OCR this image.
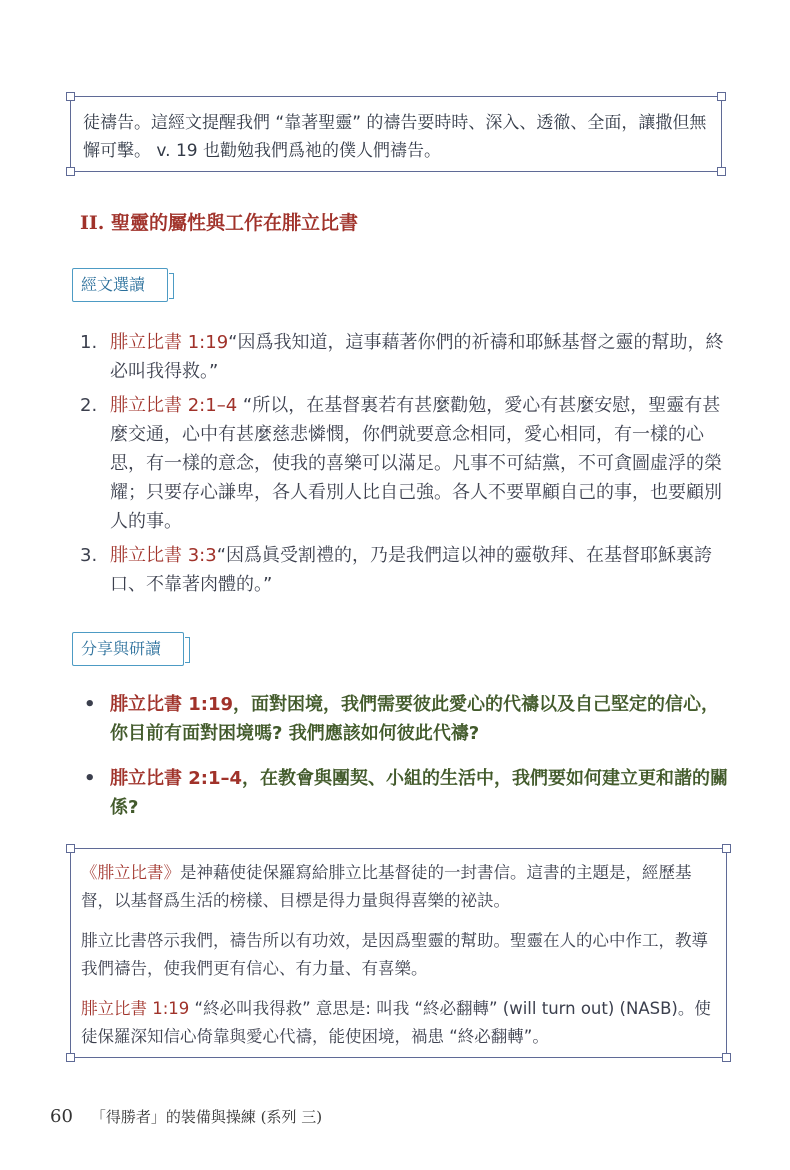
徒禱告。這經文提醒我們 “靠著聖靈” 的禱告要時時、深入、透徹、全面，讓撒但無懈可擊。 v. 19 也勸勉我們爲祂的僕人們禱告。

II. 聖靈的屬性與工作在腓立比書
經文選讀
1. 腓立比書 1:19“因爲我知道，這事藉著你們的祈禱和耶穌基督之靈的幫助，終必叫我得救。”
2. 腓立比書 2:1–4 “所以，在基督裏若有甚麼勸勉，愛心有甚麼安慰，聖靈有甚麼交通，心中有甚麼慈悲憐憫，你們就要意念相同，愛心相同，有一樣的心思，有一樣的意念，使我的喜樂可以滿足。凡事不可結黨，不可貪圖虛浮的榮耀；只要存心謙卑，各人看別人比自己強。各人不要單顧自己的事，也要顧別人的事。
3. 腓立比書 3:3“因爲眞受割禮的，乃是我們這以神的靈敬拜、在基督耶穌裏誇口、不靠著肉體的。”
分享與研讀
• 腓立比書 1:19，面對困境，我們需要彼此愛心的代禱以及自己堅定的信心，你目前有面對困境嗎? 我們應該如何彼此代禱?
• 腓立比書 2:1–4，在教會與團契、小組的生活中，我們要如何建立更和諧的關係?

《腓立比書》是神藉使徒保羅寫給腓立比基督徒的一封書信。這書的主題是，經歷基督，以基督爲生活的榜樣、目標是得力量與得喜樂的祕訣。

腓立比書啓示我們，禱告所以有功效，是因爲聖靈的幫助。聖靈在人的心中作工，教導我們禱告，使我們更有信心、有力量、有喜樂。

腓立比書 1:19 “終必叫我得救” 意思是: 叫我 “終必翻轉” (will turn out) (NASB)。使徒保羅深知信心倚靠與愛心代禱，能使困境，禍患 “終必翻轉”。

60 「得勝者」的裝備與操練 (系列 三)
